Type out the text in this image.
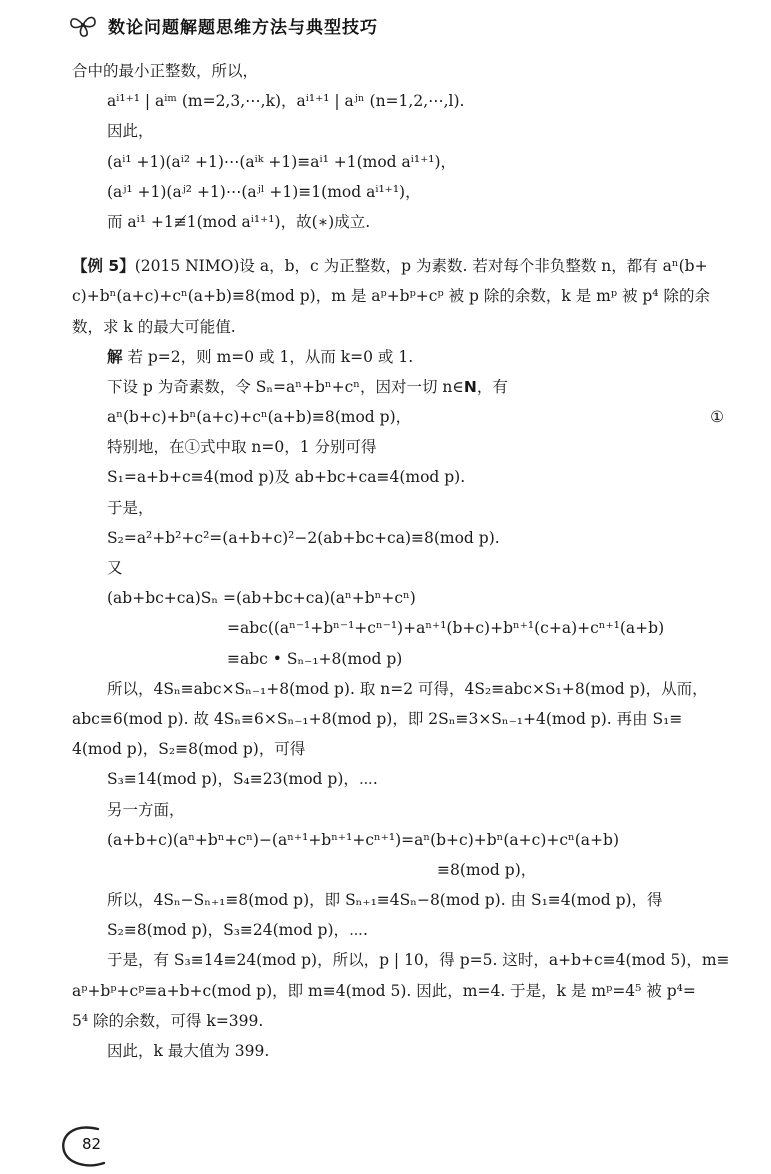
数论问题解题思维方法与典型技巧
合中的最小正整数，所以，
aⁱ¹⁺¹ | aⁱᵐ (m=2,3,⋯,k)，aⁱ¹⁺¹ | aʲⁿ (n=1,2,⋯,l).
因此，
(aⁱ¹ +1)(aⁱ² +1)⋯(aⁱᵏ +1)≡aⁱ¹ +1(mod aⁱ¹⁺¹)，
(aʲ¹ +1)(aʲ² +1)⋯(aʲˡ +1)≡1(mod aⁱ¹⁺¹)，
而 aⁱ¹ +1≢1(mod aⁱ¹⁺¹)，故(∗)成立.
【例 5】(2015 NIMO)设 a，b，c 为正整数，p 为素数. 若对每个非负整数 n，都有 aⁿ(b+
c)+bⁿ(a+c)+cⁿ(a+b)≡8(mod p)，m 是 aᵖ+bᵖ+cᵖ 被 p 除的余数，k 是 mᵖ 被 p⁴ 除的余
数，求 k 的最大可能值.
解 若 p=2，则 m=0 或 1，从而 k=0 或 1.
下设 p 为奇素数，令 Sₙ=aⁿ+bⁿ+cⁿ，因对一切 n∈N，有
aⁿ(b+c)+bⁿ(a+c)+cⁿ(a+b)≡8(mod p)，	①
特别地，在①式中取 n=0，1 分别可得
S₁=a+b+c≡4(mod p)及 ab+bc+ca≡4(mod p).
于是，
S₂=a²+b²+c²=(a+b+c)²−2(ab+bc+ca)≡8(mod p).
又
(ab+bc+ca)Sₙ =(ab+bc+ca)(aⁿ+bⁿ+cⁿ)
=abc((aⁿ⁻¹+bⁿ⁻¹+cⁿ⁻¹)+aⁿ⁺¹(b+c)+bⁿ⁺¹(c+a)+cⁿ⁺¹(a+b)
≡abc • Sₙ₋₁+8(mod p)
所以，4Sₙ≡abc×Sₙ₋₁+8(mod p). 取 n=2 可得，4S₂≡abc×S₁+8(mod p)，从而，
abc≡6(mod p). 故 4Sₙ≡6×Sₙ₋₁+8(mod p)，即 2Sₙ≡3×Sₙ₋₁+4(mod p). 再由 S₁≡
4(mod p)，S₂≡8(mod p)，可得
S₃≡14(mod p)，S₄≡23(mod p)，⋯.
另一方面，
(a+b+c)(aⁿ+bⁿ+cⁿ)−(aⁿ⁺¹+bⁿ⁺¹+cⁿ⁺¹)=aⁿ(b+c)+bⁿ(a+c)+cⁿ(a+b)
≡8(mod p)，
所以，4Sₙ−Sₙ₊₁≡8(mod p)，即 Sₙ₊₁≡4Sₙ−8(mod p). 由 S₁≡4(mod p)，得
S₂≡8(mod p)，S₃≡24(mod p)，⋯.
于是，有 S₃≡14≡24(mod p)，所以，p | 10，得 p=5. 这时，a+b+c≡4(mod 5)，m≡
aᵖ+bᵖ+cᵖ≡a+b+c(mod p)，即 m≡4(mod 5). 因此，m=4. 于是，k 是 mᵖ=4⁵ 被 p⁴=
5⁴ 除的余数，可得 k=399.
因此，k 最大值为 399.
82
